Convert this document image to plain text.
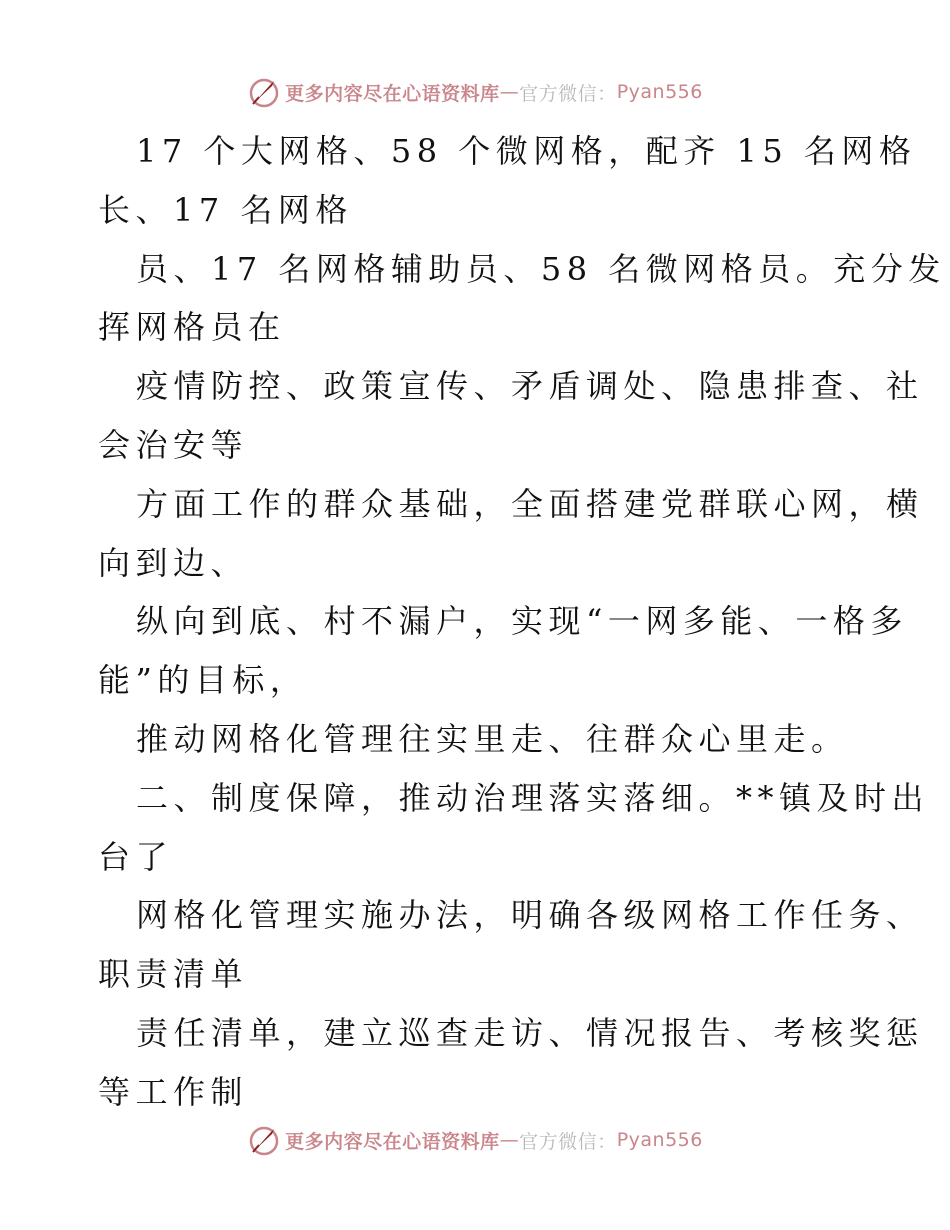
更多内容尽在心语资料库 — 官方微信： Pyan556
17 个大网格、58 个微网格，配齐 15 名网格
长、17 名网格
员、17 名网格辅助员、58 名微网格员。充分发
挥网格员在
疫情防控、政策宣传、矛盾调处、隐患排查、社
会治安等
方面工作的群众基础，全面搭建党群联心网，横
向到边、
纵向到底、村不漏户，实现“一网多能、一格多
能”的目标，
推动网格化管理往实里走、往群众心里走。
二、制度保障，推动治理落实落细。**镇及时出
台了
网格化管理实施办法，明确各级网格工作任务、
职责清单
责任清单，建立巡查走访、情况报告、考核奖惩
等工作制
更多内容尽在心语资料库 — 官方微信： Pyan556
